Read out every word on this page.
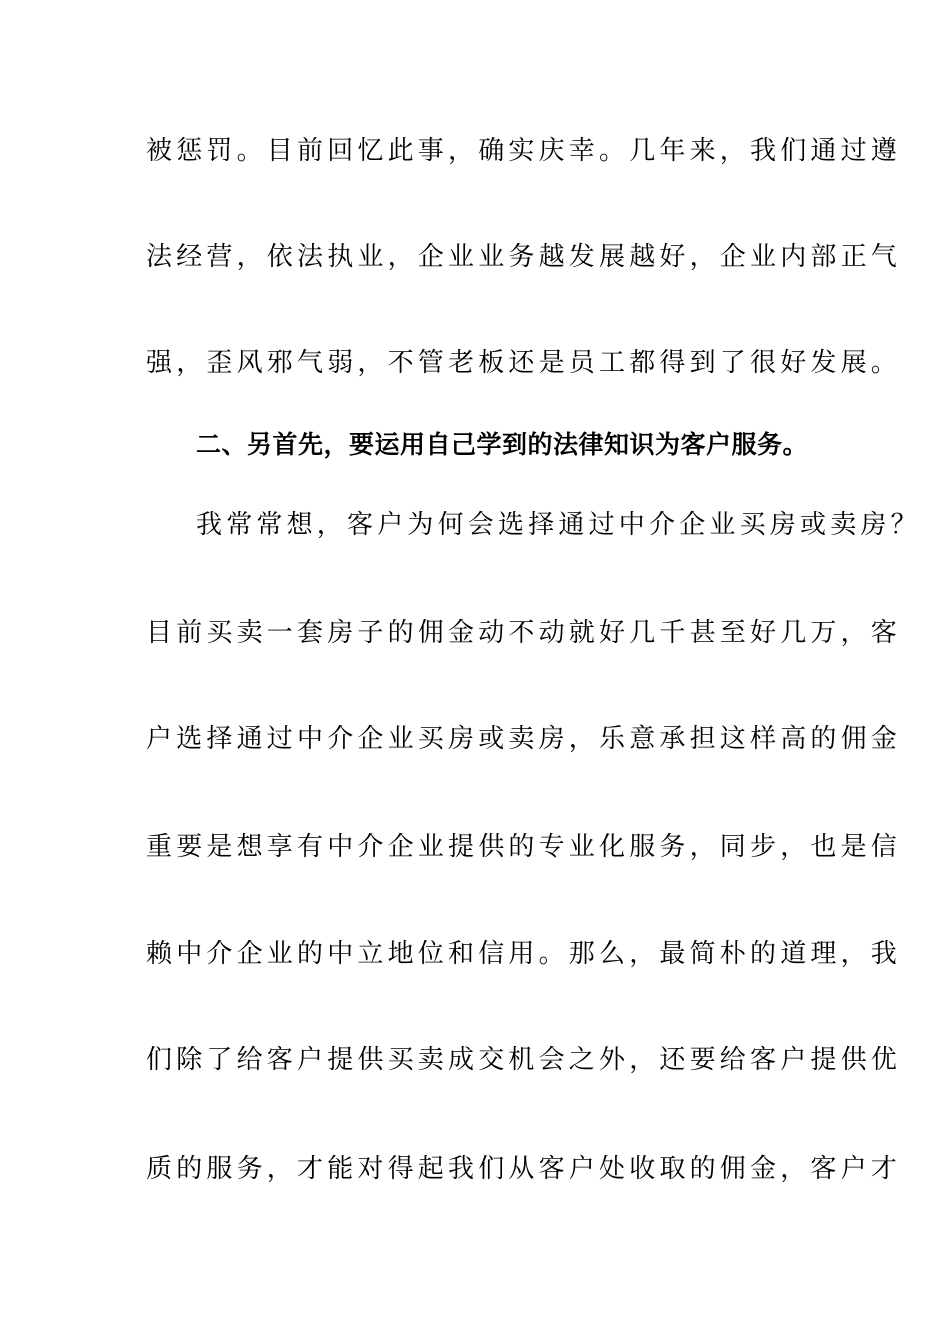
被惩罚。目前回忆此事，确实庆幸。几年来，我们通过遵
法经营，依法执业，企业业务越发展越好，企业内部正气
强，歪风邪气弱，不管老板还是员工都得到了很好发展。
二、另首先，要运用自己学到的法律知识为客户服务。
我常常想，客户为何会选择通过中介企业买房或卖房？
目前买卖一套房子的佣金动不动就好几千甚至好几万，客
户选择通过中介企业买房或卖房，乐意承担这样高的佣金
重要是想享有中介企业提供的专业化服务，同步，也是信
赖中介企业的中立地位和信用。那么，最简朴的道理，我
们除了给客户提供买卖成交机会之外，还要给客户提供优
质的服务，才能对得起我们从客户处收取的佣金，客户才
